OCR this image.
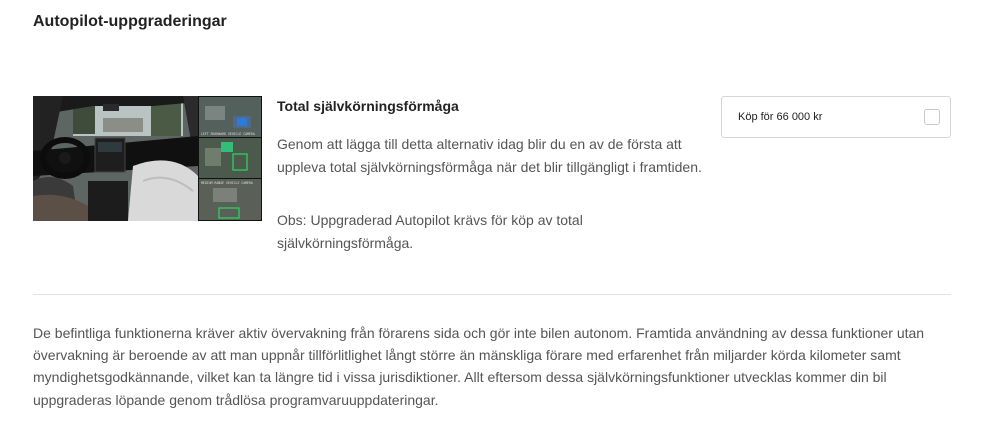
Autopilot-uppgraderingar
LEFT REARWARD VEHICLE CAMERA
MEDIUM RANGE VEHICLE CAMERA
Total självkörningsförmåga

Genom att lägga till detta alternativ idag blir du en av de första att uppleva total självkörningsförmåga när det blir tillgängligt i framtiden.

Obs: Uppgraderad Autopilot krävs för köp av total självkörningsförmåga.

Köp för 66 000 kr

De befintliga funktionerna kräver aktiv övervakning från förarens sida och gör inte bilen autonom. Framtida användning av dessa funktioner utan övervakning är beroende av att man uppnår tillförlitlighet långt större än mänskliga förare med erfarenhet från miljarder körda kilometer samt myndighetsgodkännande, vilket kan ta längre tid i vissa jurisdiktioner. Allt eftersom dessa självkörningsfunktioner utvecklas kommer din bil uppgraderas löpande genom trådlösa programvaruuppdateringar.
